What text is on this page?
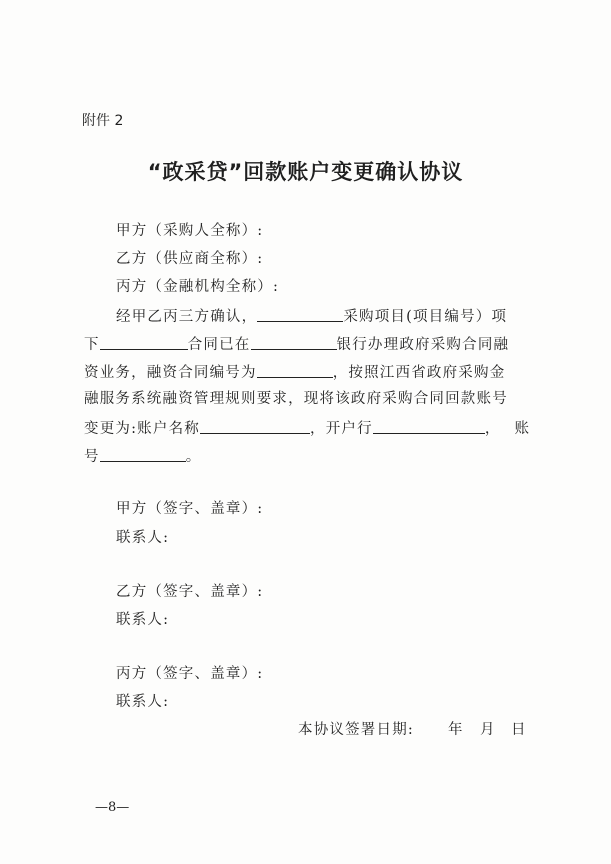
附件 2
“政采贷”回款账户变更确认协议
甲方（采购人全称）:
乙方（供应商全称）:
丙方（金融机构全称）:
经甲乙丙三方确认，	采购项目(项目编号）项
下	合同已在	银行办理政府采购合同融
资业务，融资合同编号为	，按照江西省政府采购金
融服务系统融资管理规则要求，现将该政府采购合同回款账号
变更为:账户名称	，开户行	， 账
号	。
甲方（签字、盖章）:
联系人:
乙方（签字、盖章）:
联系人:
丙方（签字、盖章）:
联系人:
本协议签署日期: 年 月 日
—8—
